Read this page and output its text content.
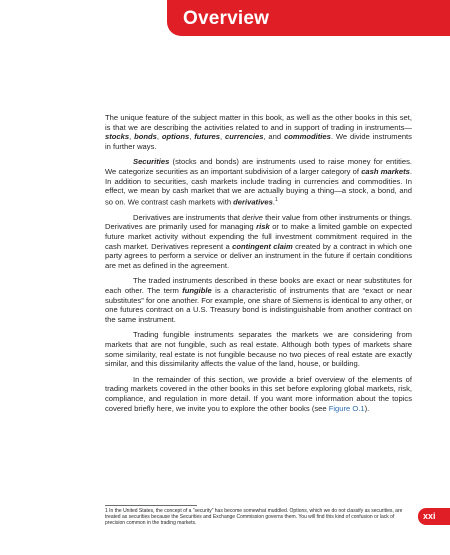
Overview

The unique feature of the subject matter in this book, as well as the other books in this set, is that we are describing the activities related to and in support of trading in instruments—stocks, bonds, options, futures, currencies, and commodities. We divide instruments in further ways.

Securities (stocks and bonds) are instruments used to raise money for entities. We categorize securities as an important subdivision of a larger category of cash markets. In addition to securities, cash markets include trading in currencies and commodities. In effect, we mean by cash market that we are actually buying a thing—a stock, a bond, and so on. We contrast cash markets with derivatives.$^1$

Derivatives are instruments that derive their value from other instruments or things. Derivatives are primarily used for managing risk or to make a limited gamble on expected future market activity without expending the full investment commitment required in the cash market. Derivatives represent a contingent claim created by a contract in which one party agrees to perform a service or deliver an instrument in the future if certain conditions are met as defined in the agreement.

The traded instruments described in these books are exact or near substitutes for each other. The term fungible is a characteristic of instruments that are “exact or near substitutes” for one another. For example, one share of Siemens is identical to any other, or one futures contract on a U.S. Treasury bond is indistinguishable from another contract on the same instrument.

Trading fungible instruments separates the markets we are considering from markets that are not fungible, such as real estate. Although both types of markets share some similarity, real estate is not fungible because no two pieces of real estate are exactly similar, and this dissimilarity affects the value of the land, house, or building.

In the remainder of this section, we provide a brief overview of the elements of trading markets covered in the other books in this set before exploring global markets, risk, compliance, and regulation in more detail. If you want more information about the topics covered briefly here, we invite you to explore the other books (see Figure O.1).

1 In the United States, the concept of a “security” has become somewhat muddled. Options, which we do not classify as securities, are treated as securities because the Securities and Exchange Commission governs them. You will find this kind of confusion or lack of precision common in the trading markets.
xxi
